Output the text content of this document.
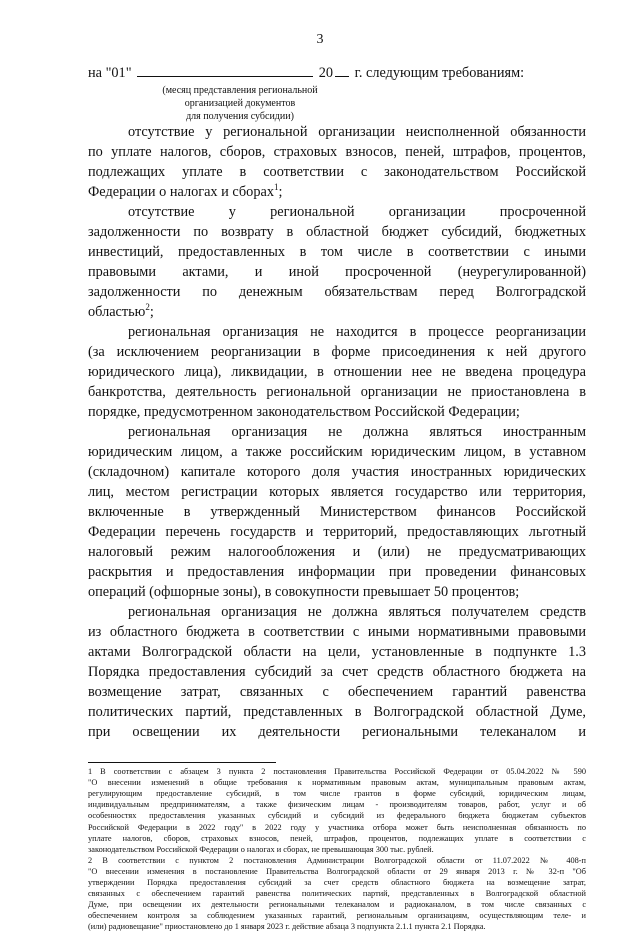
3
на "01"	20 г. следующим требованиям:
(месяц представления региональной
организацией документов
для получения субсидии)
отсутствие у региональной организации неисполненной обязанности
по уплате налогов, сборов, страховых взносов, пеней, штрафов, процентов,
подлежащих уплате в соответствии с законодательством Российской
Федерации о налогах и сборах$^1$;
отсутствие у региональной организации просроченной
задолженности по возврату в областной бюджет субсидий, бюджетных
инвестиций, предоставленных в том числе в соответствии с иными
правовыми актами, и иной просроченной (неурегулированной)
задолженности по денежным обязательствам перед Волгоградской
областью$^2$;
региональная организация не находится в процессе реорганизации
(за исключением реорганизации в форме присоединения к ней другого
юридического лица), ликвидации, в отношении нее не введена процедура
банкротства, деятельность региональной организации не приостановлена в
порядке, предусмотренном законодательством Российской Федерации;
региональная организация не должна являться иностранным
юридическим лицом, а также российским юридическим лицом, в уставном
(складочном) капитале которого доля участия иностранных юридических
лиц, местом регистрации которых является государство или территория,
включенные в утвержденный Министерством финансов Российской
Федерации перечень государств и территорий, предоставляющих льготный
налоговый режим налогообложения и (или) не предусматривающих
раскрытия и предоставления информации при проведении финансовых
операций (офшорные зоны), в совокупности превышает 50 процентов;
региональная организация не должна являться получателем средств
из областного бюджета в соответствии с иными нормативными правовыми
актами Волгоградской области на цели, установленные в подпункте 1.3
Порядка предоставления субсидий за счет средств областного бюджета на
возмещение затрат, связанных с обеспечением гарантий равенства
политических партий, представленных в Волгоградской областной Думе,
при освещении их деятельности региональными телеканалом и
1 В соответствии с абзацем 3 пункта 2 постановления Правительства Российской Федерации от 05.04.2022 № 590
"О внесении изменений в общие требования к нормативным правовым актам, муниципальным правовым актам,
регулирующим предоставление субсидий, в том числе грантов в форме субсидий, юридическим лицам,
индивидуальным предпринимателям, а также физическим лицам - производителям товаров, работ, услуг и об
особенностях предоставления указанных субсидий и субсидий из федерального бюджета бюджетам субъектов
Российской Федерации в 2022 году" в 2022 году у участника отбора может быть неисполненная обязанность по
уплате налогов, сборов, страховых взносов, пеней, штрафов, процентов, подлежащих уплате в соответствии с
законодательством Российской Федерации о налогах и сборах, не превышающая 300 тыс. рублей.
2 В соответствии с пунктом 2 постановления Администрации Волгоградской области от 11.07.2022 № 408-п
"О внесении изменения в постановление Правительства Волгоградской области от 29 января 2013 г. № 32-п "Об
утверждении Порядка предоставления субсидий за счет средств областного бюджета на возмещение затрат,
связанных с обеспечением гарантий равенства политических партий, представленных в Волгоградской областной
Думе, при освещении их деятельности региональными телеканалом и радиоканалом, в том числе связанных с
обеспечением контроля за соблюдением указанных гарантий, региональным организациям, осуществляющим теле- и
(или) радиовещание" приостановлено до 1 января 2023 г. действие абзаца 3 подпункта 2.1.1 пункта 2.1 Порядка.
